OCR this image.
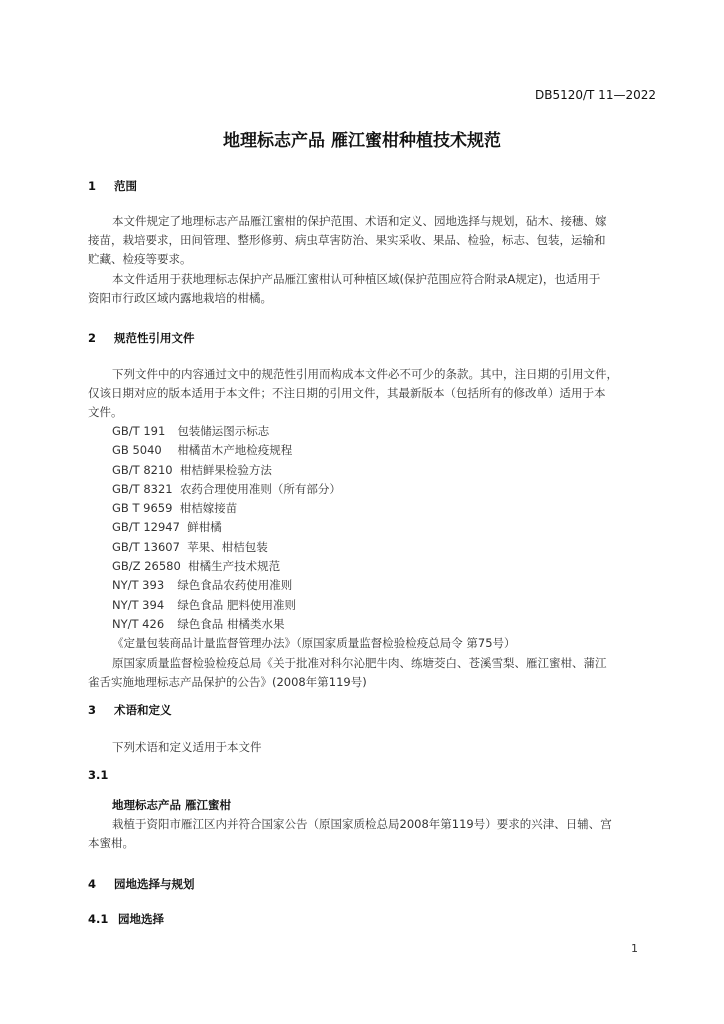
DB5120/T 11—2022
地理标志产品 雁江蜜柑种植技术规范
1 范围
本文件规定了地理标志产品雁江蜜柑的保护范围、术语和定义、园地选择与规划，砧木、接穗、嫁
接苗，栽培要求，田间管理、整形修剪、病虫草害防治、果实采收、果品、检验，标志、包装，运输和
贮藏、检疫等要求。
本文件适用于获地理标志保护产品雁江蜜柑认可种植区域(保护范围应符合附录A规定)，也适用于
资阳市行政区域内露地栽培的柑橘。
2 规范性引用文件
下列文件中的内容通过文中的规范性引用而构成本文件必不可少的条款。其中，注日期的引用文件，
仅该日期对应的版本适用于本文件；不注日期的引用文件，其最新版本（包括所有的修改单）适用于本
文件。
GB/T 191 包装储运图示标志
GB 5040 柑橘苗木产地检疫规程
GB/T 8210 柑桔鲜果检验方法
GB/T 8321 农药合理使用准则（所有部分）
GB T 9659 柑桔嫁接苗
GB/T 12947 鲜柑橘
GB/T 13607 苹果、柑桔包装
GB/Z 26580 柑橘生产技术规范
NY/T 393 绿色食品农药使用准则
NY/T 394 绿色食品 肥料使用准则
NY/T 426 绿色食品 柑橘类水果
《定量包装商品计量监督管理办法》（原国家质量监督检验检疫总局令 第75号）
原国家质量监督检验检疫总局《关于批准对科尔沁肥牛肉、练塘茭白、苍溪雪梨、雁江蜜柑、蒲江
雀舌实施地理标志产品保护的公告》(2008年第119号)
3 术语和定义
下列术语和定义适用于本文件
3.1
地理标志产品 雁江蜜柑
栽植于资阳市雁江区内并符合国家公告（原国家质检总局2008年第119号）要求的兴津、日辅、宫
本蜜柑。
4 园地选择与规划
4.1 园地选择
1
